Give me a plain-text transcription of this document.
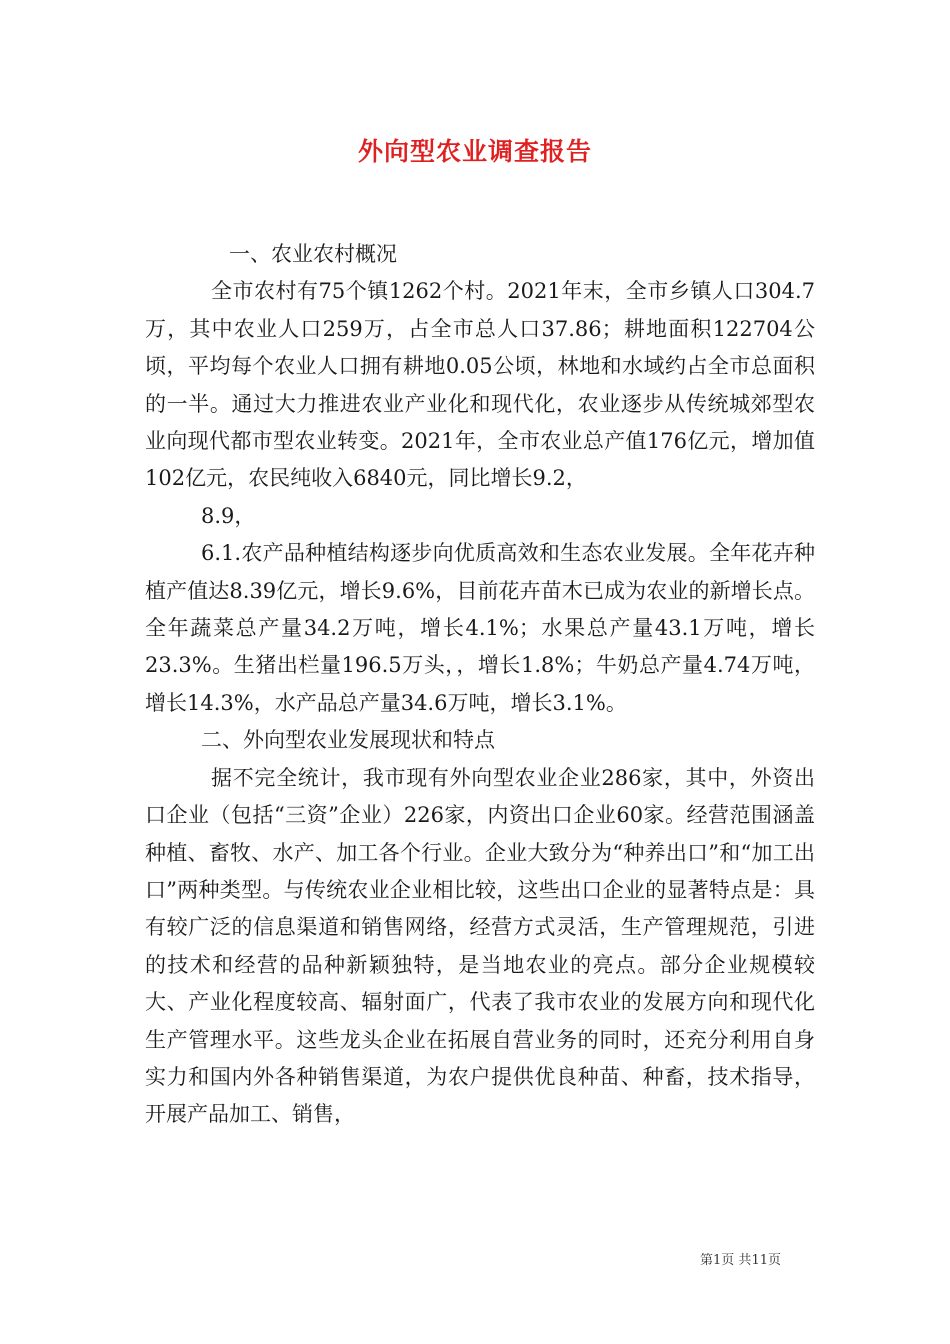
外向型农业调查报告

一、农业农村概况

全市农村有75个镇1262个村。2021年末，全市乡镇人口304.7万，其中农业人口259万，占全市总人口37.86；耕地面积122704公顷，平均每个农业人口拥有耕地0.05公顷，林地和水域约占全市总面积的一半。通过大力推进农业产业化和现代化，农业逐步从传统城郊型农业向现代都市型农业转变。2021年，全市农业总产值176亿元，增加值102亿元，农民纯收入6840元，同比增长9.2，

8.9，

6.1.农产品种植结构逐步向优质高效和生态农业发展。全年花卉种植产值达8.39亿元，增长9.6%，目前花卉苗木已成为农业的新增长点。全年蔬菜总产量34.2万吨，增长4.1%；水果总产量43.1万吨，增长23.3%。生猪出栏量196.5万头，，增长1.8%；牛奶总产量4.74万吨，增长14.3%，水产品总产量34.6万吨，增长3.1%。

二、外向型农业发展现状和特点

据不完全统计，我市现有外向型农业企业286家，其中，外资出口企业（包括“三资”企业）226家，内资出口企业60家。经营范围涵盖种植、畜牧、水产、加工各个行业。企业大致分为“种养出口”和“加工出口”两种类型。与传统农业企业相比较，这些出口企业的显著特点是：具有较广泛的信息渠道和销售网络，经营方式灵活，生产管理规范，引进的技术和经营的品种新颖独特，是当地农业的亮点。部分企业规模较大、产业化程度较高、辐射面广，代表了我市农业的发展方向和现代化生产管理水平。这些龙头企业在拓展自营业务的同时，还充分利用自身实力和国内外各种销售渠道，为农户提供优良种苗、种畜，技术指导，开展产品加工、销售，

第1页 共11页
